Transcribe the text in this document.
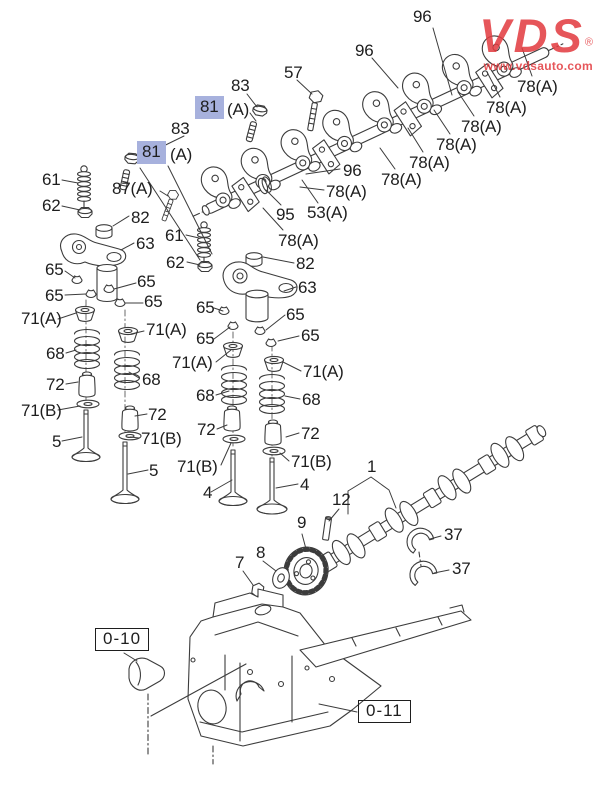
96
78(A)
96
78(A)
78(A)
78(A)
78(A)
78(A)
96
78(A)
57
83
81 (A)
83
81 (A)
87(A)
95 53(A)
78(A)
61
62
82
63 61
62	82
63
65
65
65
65
71(A)
71(A)
68
68
72
72
71(B)
71(B)
5
5
65
65
71(A)
68
72
71(B)
4
65
65
71(A)
68
72
71(B)
4
1
12
9
8
7
37
37
0-10
0-11
VDS®
www.vdsauto.com
